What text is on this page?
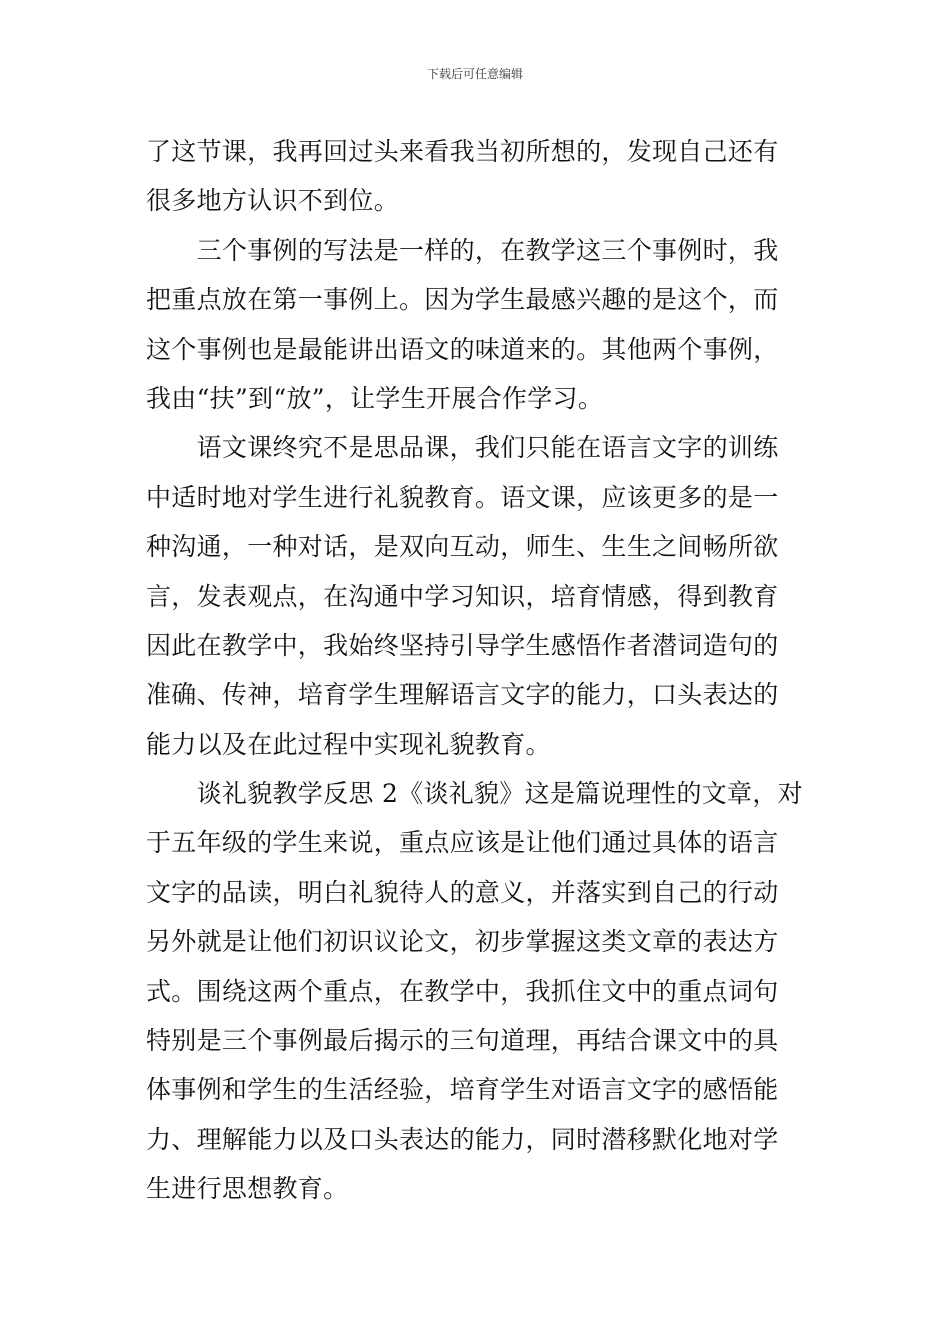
下载后可任意编辑
了这节课，我再回过头来看我当初所想的，发现自己还有
很多地方认识不到位。
　　三个事例的写法是一样的，在教学这三个事例时，我
把重点放在第一事例上。因为学生最感兴趣的是这个，而
这个事例也是最能讲出语文的味道来的。其他两个事例，
我由“扶”到“放”，让学生开展合作学习。
　　语文课终究不是思品课，我们只能在语言文字的训练
中适时地对学生进行礼貌教育。语文课，应该更多的是一
种沟通，一种对话，是双向互动，师生、生生之间畅所欲
言，发表观点，在沟通中学习知识，培育情感，得到教育
因此在教学中，我始终坚持引导学生感悟作者潜词造句的
准确、传神，培育学生理解语言文字的能力，口头表达的
能力以及在此过程中实现礼貌教育。
　　谈礼貌教学反思 2《谈礼貌》这是篇说理性的文章，对
于五年级的学生来说，重点应该是让他们通过具体的语言
文字的品读，明白礼貌待人的意义，并落实到自己的行动
另外就是让他们初识议论文，初步掌握这类文章的表达方
式。围绕这两个重点，在教学中，我抓住文中的重点词句
特别是三个事例最后揭示的三句道理，再结合课文中的具
体事例和学生的生活经验，培育学生对语言文字的感悟能
力、理解能力以及口头表达的能力，同时潜移默化地对学
生进行思想教育。
